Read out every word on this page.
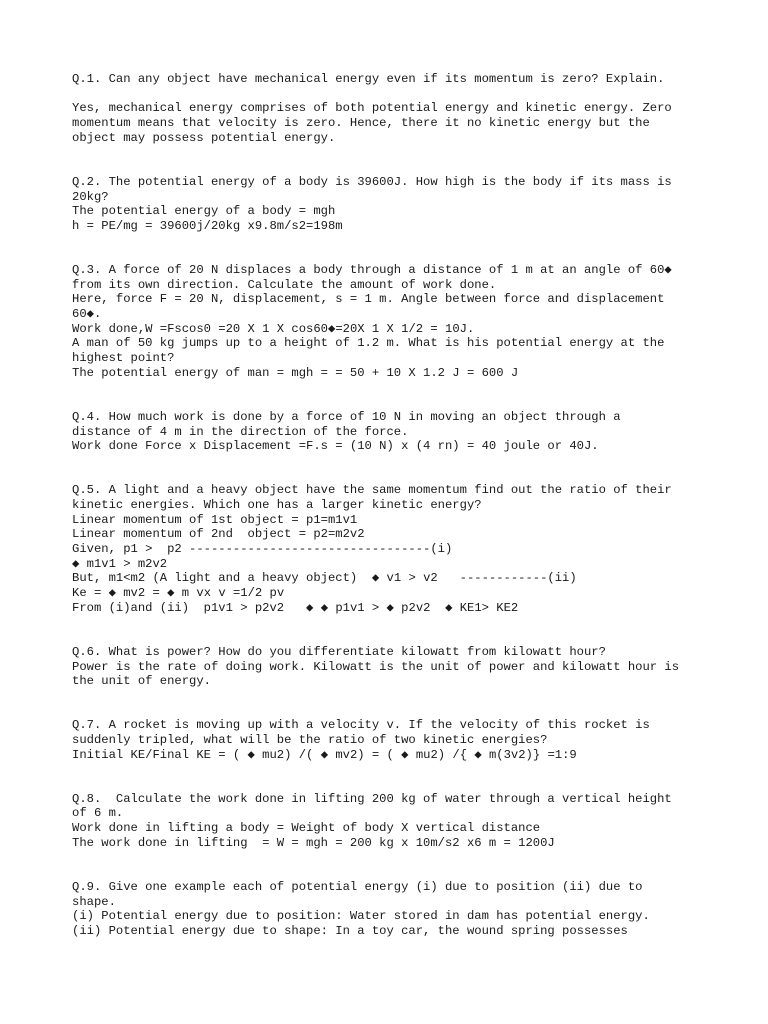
Q.1. Can any object have mechanical energy even if its momentum is zero? Explain.
Yes, mechanical energy comprises of both potential energy and kinetic energy. Zero
momentum means that velocity is zero. Hence, there it no kinetic energy but the
object may possess potential energy.
Q.2. The potential energy of a body is 39600J. How high is the body if its mass is
20kg?
The potential energy of a body = mgh
h = PE/mg = 39600j/20kg x9.8m/s2=198m
Q.3. A force of 20 N displaces a body through a distance of 1 m at an angle of 60◆
from its own direction. Calculate the amount of work done.
Here, force F = 20 N, displacement, s = 1 m. Angle between force and displacement
60◆.
Work done,W =Fscos0 =20 X 1 X cos60◆=20X 1 X 1/2 = 10J.
A man of 50 kg jumps up to a height of 1.2 m. What is his potential energy at the
highest point?
The potential energy of man = mgh = = 50 + 10 X 1.2 J = 600 J
Q.4. How much work is done by a force of 10 N in moving an object through a
distance of 4 m in the direction of the force.
Work done Force x Displacement =F.s = (10 N) x (4 rn) = 40 joule or 40J.
Q.5. A light and a heavy object have the same momentum find out the ratio of their
kinetic energies. Which one has a larger kinetic energy?
Linear momentum of 1st object = p1=m1v1
Linear momentum of 2nd  object = p2=m2v2
Given, p1 >  p2 ---------------------------------(i)
◆ m1v1 > m2v2
But, m1<m2 (A light and a heavy object)  ◆ v1 > v2   ------------(ii)
Ke = ◆ mv2 = ◆ m vx v =1/2 pv
From (i)and (ii)  p1v1 > p2v2   ◆ ◆ p1v1 > ◆ p2v2  ◆ KE1> KE2
Q.6. What is power? How do you differentiate kilowatt from kilowatt hour?
Power is the rate of doing work. Kilowatt is the unit of power and kilowatt hour is
the unit of energy.
Q.7. A rocket is moving up with a velocity v. If the velocity of this rocket is
suddenly tripled, what will be the ratio of two kinetic energies?
Initial KE/Final KE = ( ◆ mu2) /( ◆ mv2) = ( ◆ mu2) /{ ◆ m(3v2)} =1:9
Q.8.  Calculate the work done in lifting 200 kg of water through a vertical height
of 6 m.
Work done in lifting a body = Weight of body X vertical distance
The work done in lifting  = W = mgh = 200 kg x 10m/s2 x6 m = 1200J
Q.9. Give one example each of potential energy (i) due to position (ii) due to
shape.
(i) Potential energy due to position: Water stored in dam has potential energy.
(ii) Potential energy due to shape: In a toy car, the wound spring possesses
